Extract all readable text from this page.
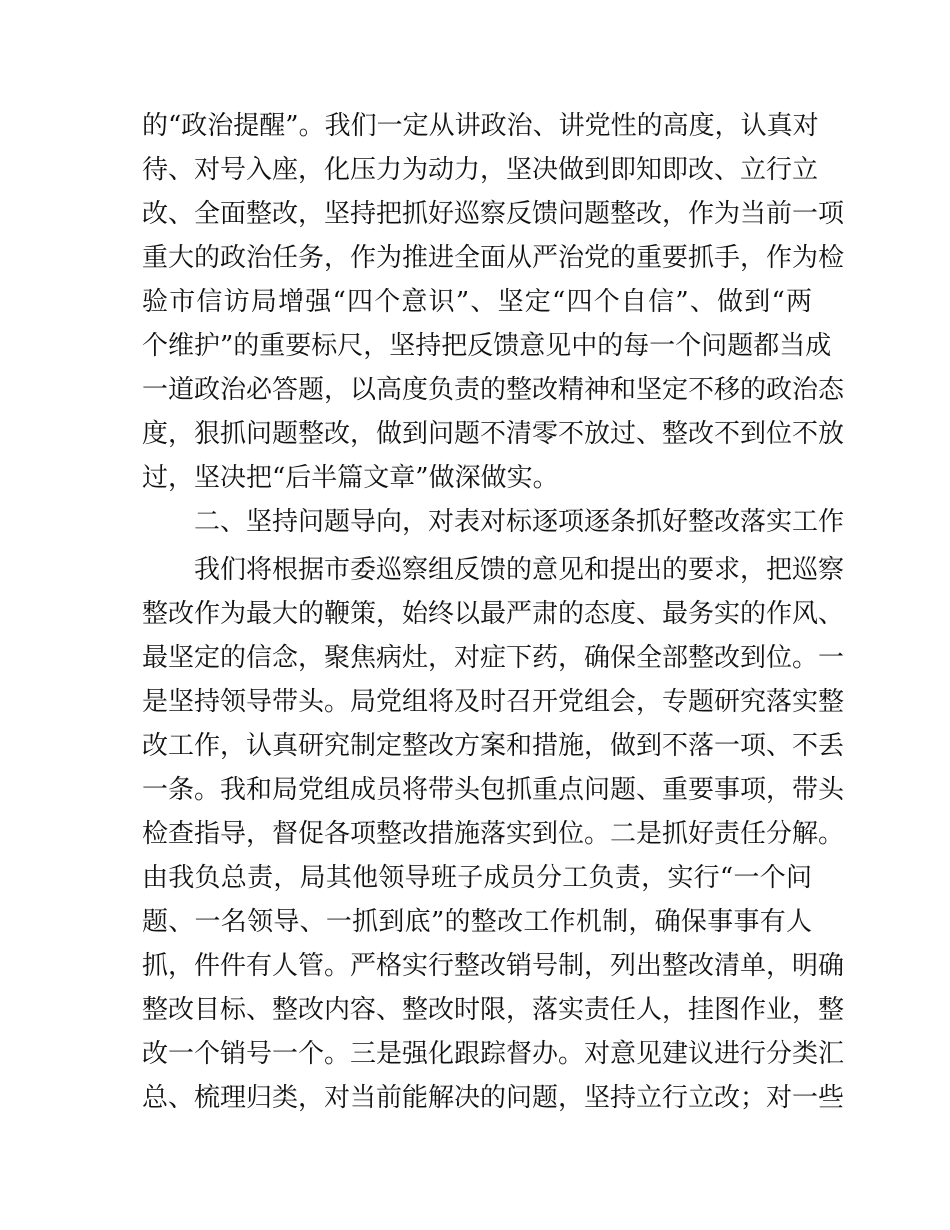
的“政治提醒”。我们一定从讲政治、讲党性的高度，认真对
待、对号入座，化压力为动力，坚决做到即知即改、立行立
改、全面整改，坚持把抓好巡察反馈问题整改，作为当前一项
重大的政治任务，作为推进全面从严治党的重要抓手，作为检
验市信访局增强“四个意识”、坚定“四个自信”、做到“两
个维护”的重要标尺，坚持把反馈意见中的每一个问题都当成
一道政治必答题，以高度负责的整改精神和坚定不移的政治态
度，狠抓问题整改，做到问题不清零不放过、整改不到位不放
过，坚决把“后半篇文章”做深做实。
二、坚持问题导向，对表对标逐项逐条抓好整改落实工作
我们将根据市委巡察组反馈的意见和提出的要求，把巡察
整改作为最大的鞭策，始终以最严肃的态度、最务实的作风、
最坚定的信念，聚焦病灶，对症下药，确保全部整改到位。一
是坚持领导带头。局党组将及时召开党组会，专题研究落实整
改工作，认真研究制定整改方案和措施，做到不落一项、不丢
一条。我和局党组成员将带头包抓重点问题、重要事项，带头
检查指导，督促各项整改措施落实到位。二是抓好责任分解。
由我负总责，局其他领导班子成员分工负责，实行“一个问
题、一名领导、一抓到底”的整改工作机制，确保事事有人
抓，件件有人管。严格实行整改销号制，列出整改清单，明确
整改目标、整改内容、整改时限，落实责任人，挂图作业，整
改一个销号一个。三是强化跟踪督办。对意见建议进行分类汇
总、梳理归类，对当前能解决的问题，坚持立行立改；对一些
